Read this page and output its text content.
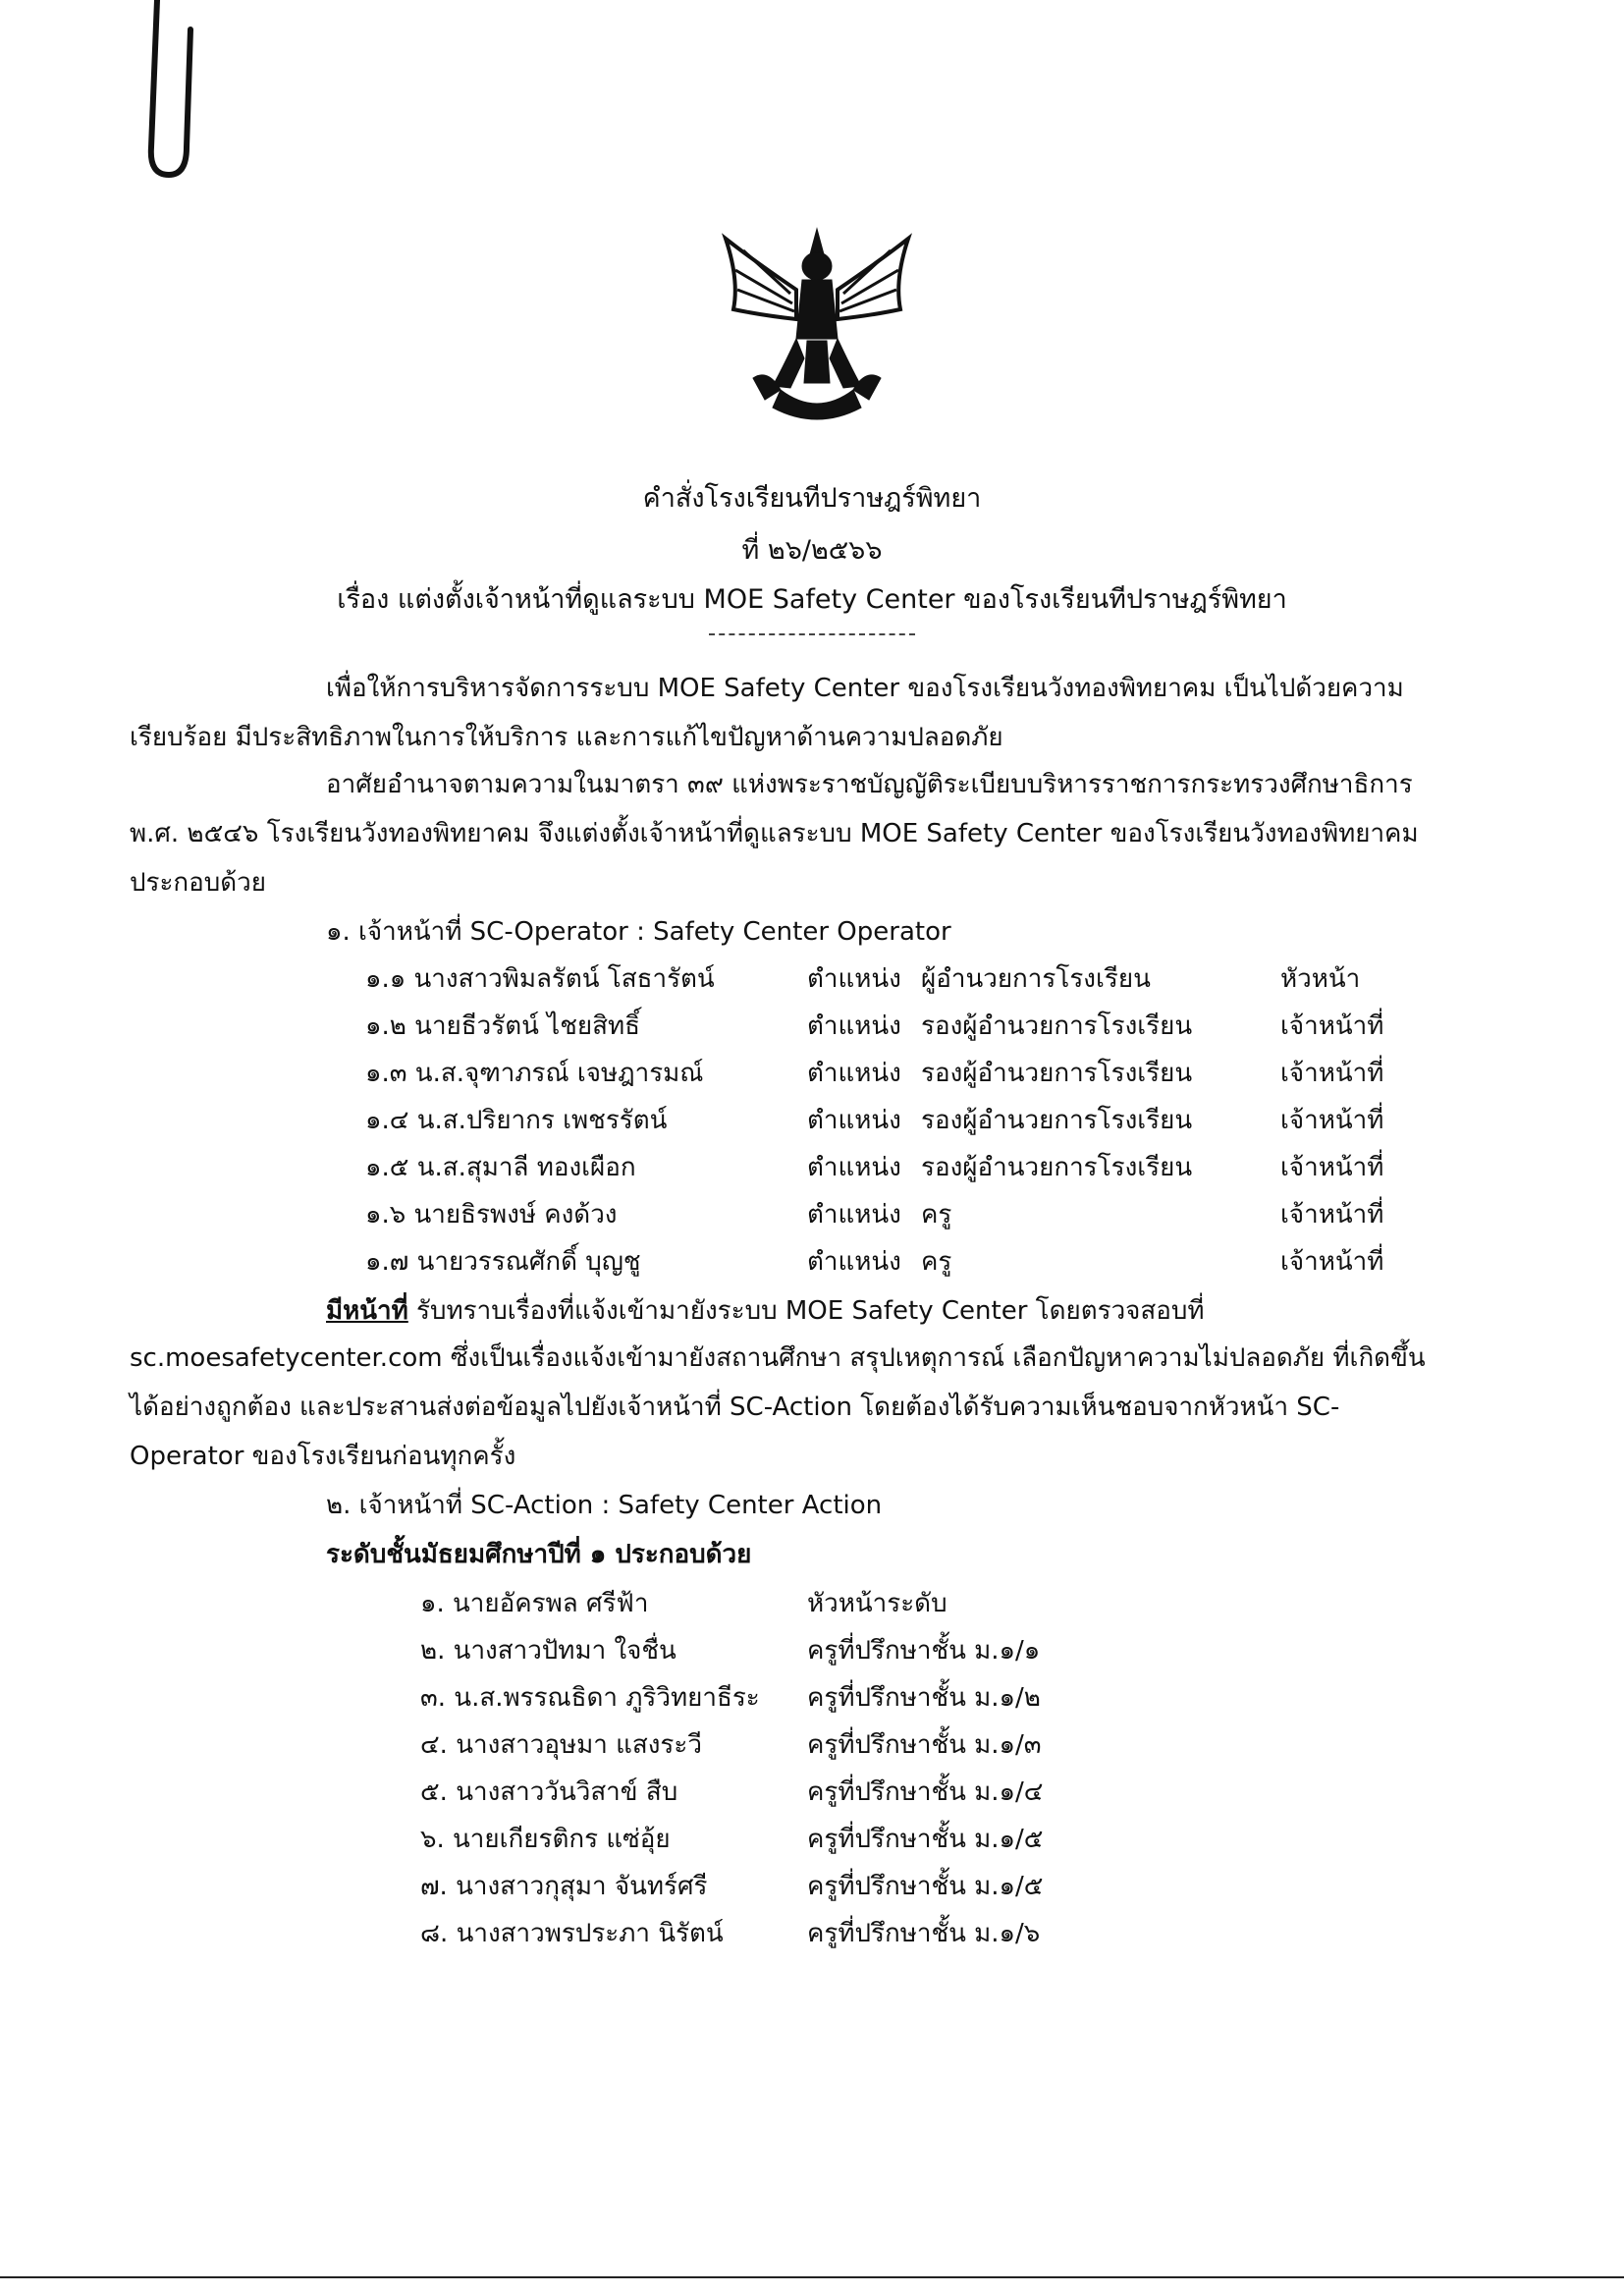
คำสั่งโรงเรียนทีปราษฎร์พิทยา
ที่ ๒๖/๒๕๖๖
เรื่อง แต่งตั้งเจ้าหน้าที่ดูแลระบบ MOE Safety Center ของโรงเรียนทีปราษฎร์พิทยา
เพื่อให้การบริหารจัดการระบบ MOE Safety Center ของโรงเรียนวังทองพิทยาคม เป็นไปด้วยความ
เรียบร้อย มีประสิทธิภาพในการให้บริการ และการแก้ไขปัญหาด้านความปลอดภัย
อาศัยอำนาจตามความในมาตรา ๓๙ แห่งพระราชบัญญัติระเบียบบริหารราชการกระทรวงศึกษาธิการ
พ.ศ. ๒๕๔๖ โรงเรียนวังทองพิทยาคม จึงแต่งตั้งเจ้าหน้าที่ดูแลระบบ MOE Safety Center ของโรงเรียนวังทองพิทยาคม
ประกอบด้วย
๑. เจ้าหน้าที่ SC-Operator : Safety Center Operator
๑.๑ นางสาวพิมลรัตน์ โสธารัตน์	ตำแหน่ง ผู้อำนวยการโรงเรียน	หัวหน้า
๑.๒ นายธีวรัตน์ ไชยสิทธิ์	ตำแหน่ง รองผู้อำนวยการโรงเรียน	เจ้าหน้าที่
๑.๓ น.ส.จุฑาภรณ์ เจษฎารมณ์	ตำแหน่ง รองผู้อำนวยการโรงเรียน	เจ้าหน้าที่
๑.๔ น.ส.ปริยากร เพชรรัตน์	ตำแหน่ง รองผู้อำนวยการโรงเรียน	เจ้าหน้าที่
๑.๕ น.ส.สุมาลี ทองเผือก	ตำแหน่ง รองผู้อำนวยการโรงเรียน	เจ้าหน้าที่
๑.๖ นายธิรพงษ์ คงด้วง	ตำแหน่ง ครู	เจ้าหน้าที่
๑.๗ นายวรรณศักดิ์ บุญชู	ตำแหน่ง ครู	เจ้าหน้าที่
มีหน้าที่ รับทราบเรื่องที่แจ้งเข้ามายังระบบ MOE Safety Center โดยตรวจสอบที่
sc.moesafetycenter.com ซึ่งเป็นเรื่องแจ้งเข้ามายังสถานศึกษา สรุปเหตุการณ์ เลือกปัญหาความไม่ปลอดภัย ที่เกิดขึ้น
ได้อย่างถูกต้อง และประสานส่งต่อข้อมูลไปยังเจ้าหน้าที่ SC-Action โดยต้องได้รับความเห็นชอบจากหัวหน้า SC-
Operator ของโรงเรียนก่อนทุกครั้ง
๒. เจ้าหน้าที่ SC-Action : Safety Center Action
ระดับชั้นมัธยมศึกษาปีที่ ๑ ประกอบด้วย
๑. นายอัครพล ศรีฟ้า	หัวหน้าระดับ
๒. นางสาวปัทมา ใจชื่น	ครูที่ปรึกษาชั้น ม.๑/๑
๓. น.ส.พรรณธิดา ภูริวิทยาธีระ ครูที่ปรึกษาชั้น ม.๑/๒
๔. นางสาวอุษมา แสงระวี	ครูที่ปรึกษาชั้น ม.๑/๓
๕. นางสาววันวิสาข์ สืบ	ครูที่ปรึกษาชั้น ม.๑/๔
๖. นายเกียรติกร แซ่อุ้ย	ครูที่ปรึกษาชั้น ม.๑/๕
๗. นางสาวกุสุมา จันทร์ศรี	ครูที่ปรึกษาชั้น ม.๑/๕
๘. นางสาวพรประภา นิรัตน์	ครูที่ปรึกษาชั้น ม.๑/๖
